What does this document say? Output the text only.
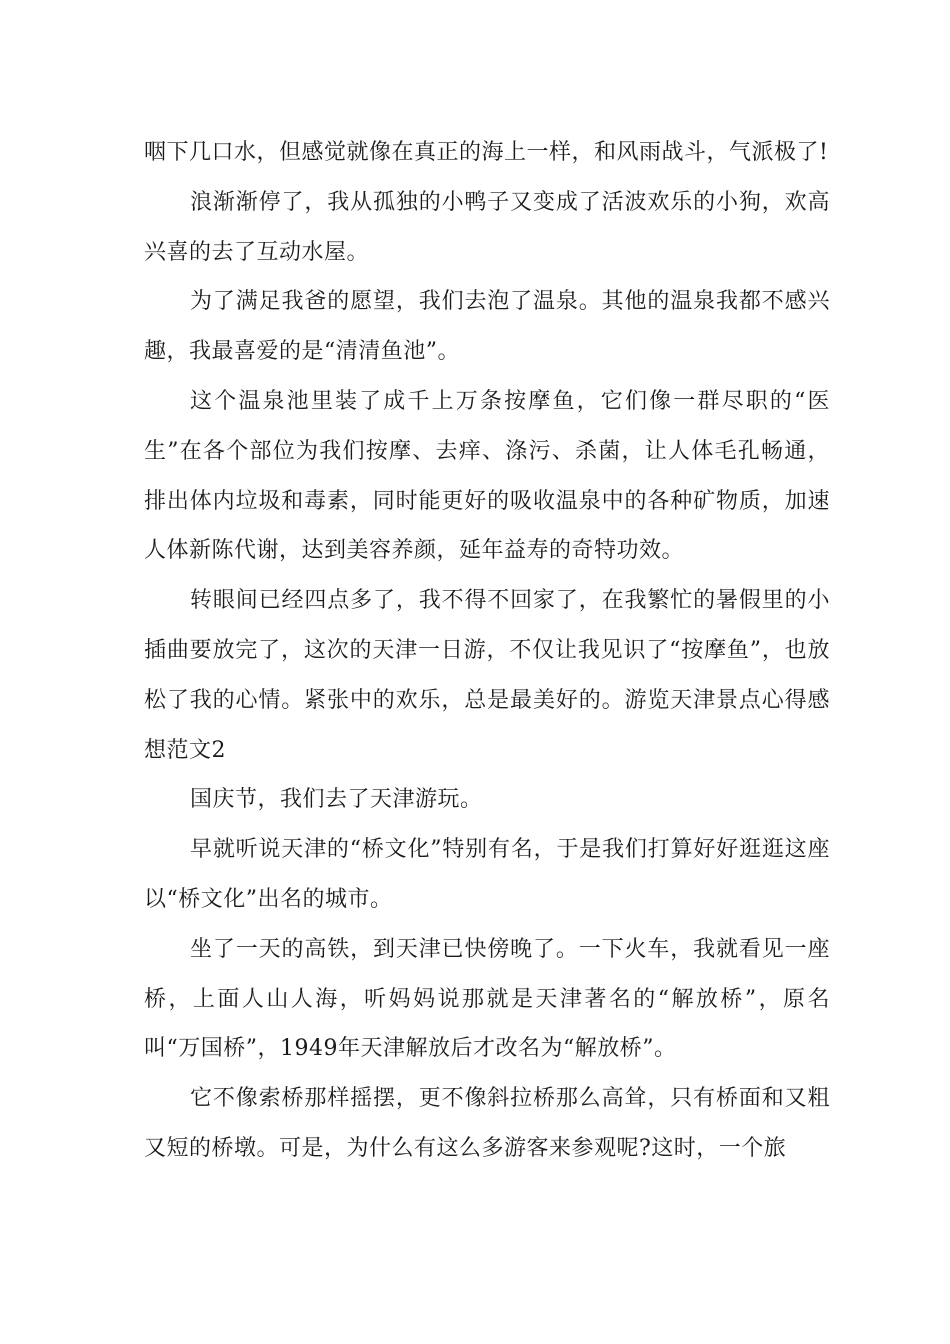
咽下几口水，但感觉就像在真正的海上一样，和风雨战斗，气派极了!

浪渐渐停了，我从孤独的小鸭子又变成了活波欢乐的小狗，欢高兴喜的去了互动水屋。

为了满足我爸的愿望，我们去泡了温泉。其他的温泉我都不感兴趣，我最喜爱的是“清清鱼池”。

这个温泉池里装了成千上万条按摩鱼，它们像一群尽职的“医生”在各个部位为我们按摩、去痒、涤污、杀菌，让人体毛孔畅通，排出体内垃圾和毒素，同时能更好的吸收温泉中的各种矿物质，加速人体新陈代谢，达到美容养颜，延年益寿的奇特功效。

转眼间已经四点多了，我不得不回家了，在我繁忙的暑假里的小插曲要放完了，这次的天津一日游，不仅让我见识了“按摩鱼”，也放松了我的心情。紧张中的欢乐，总是最美好的。游览天津景点心得感想范文2

国庆节，我们去了天津游玩。

早就听说天津的“桥文化”特别有名，于是我们打算好好逛逛这座以“桥文化”出名的城市。

坐了一天的高铁，到天津已快傍晚了。一下火车，我就看见一座桥，上面人山人海，听妈妈说那就是天津著名的“解放桥”，原名叫“万国桥”，1949年天津解放后才改名为“解放桥”。

它不像索桥那样摇摆，更不像斜拉桥那么高耸，只有桥面和又粗又短的桥墩。可是，为什么有这么多游客来参观呢?这时，一个旅
